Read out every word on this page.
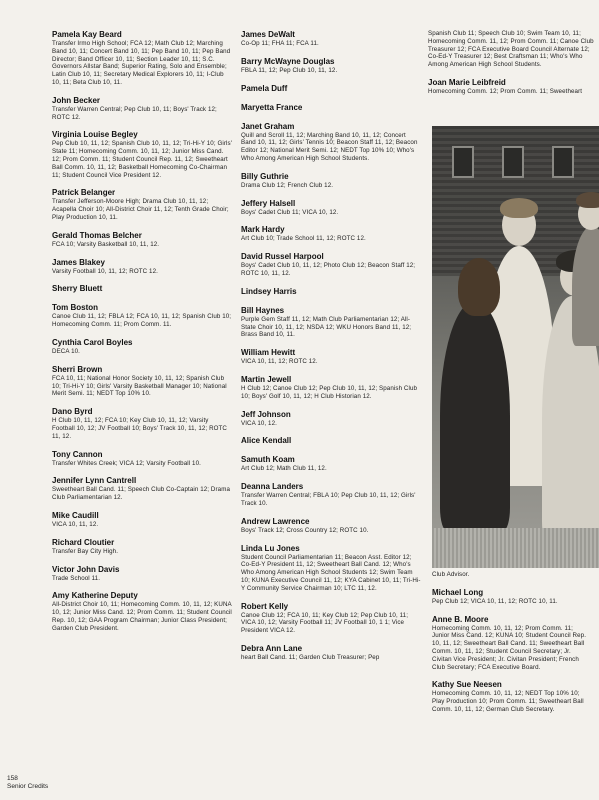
Pamela Kay Beard
Transfer Irmo High School; FCA 12; Math Club 12; Marching Band 10, 11; Concert Band 10, 11; Pep Band 10, 11; Pep Band Director; Band Officer 10, 11; Section Leader 10, 11; S.C. Governors Allstar Band; Superior Rating, Solo and Ensemble; Latin Club 10, 11; Secretary Medical Explorers 10, 11; I-Club 10, 11; Beta Club 10, 11.
John Becker
Transfer Warren Central; Pep Club 10, 11; Boys' Track 12; ROTC 12.
Virginia Louise Begley
Pep Club 10, 11, 12; Spanish Club 10, 11, 12; Tri-Hi-Y 10; Girls' State 11; Homecoming Comm. 10, 11, 12; Junior Miss Cand. 12; Prom Comm. 11; Student Council Rep. 11, 12; Sweetheart Ball Comm. 10, 11, 12; Basketball Homecoming Co-Chairman 11; Student Council Vice President 12.
Patrick Belanger
Transfer Jefferson-Moore High; Drama Club 10, 11, 12; Acapella Choir 10; All-District Choir 11, 12; Tenth Grade Choir; Play Production 10, 11.
Gerald Thomas Belcher
FCA 10; Varsity Basketball 10, 11, 12.
James Blakey
Varsity Football 10, 11, 12; ROTC 12.
Sherry Bluett
Tom Boston
Canoe Club 11, 12; FBLA 12; FCA 10, 11, 12; Spanish Club 10; Homecoming Comm. 11; Prom Comm. 11.
Cynthia Carol Boyles
DECA 10.
Sherri Brown
FCA 10, 11; National Honor Society 10, 11, 12; Spanish Club 10; Tri-Hi-Y 10; Girls' Varsity Basketball Manager 10; National Merit Semi. 11; NEDT Top 10% 10.
Dano Byrd
H Club 10, 11, 12; FCA 10; Key Club 10, 11, 12; Varsity Football 10, 12; JV Football 10; Boys' Track 10, 11, 12; ROTC 11, 12.
Tony Cannon
Transfer Whites Creek; VICA 12; Varsity Football 10.
Jennifer Lynn Cantrell
Sweetheart Ball Cand. 11; Speech Club Co-Captain 12; Drama Club Parliamentarian 12.
Mike Caudill
VICA 10, 11, 12.
Richard Cloutier
Transfer Bay City High.
Victor John Davis
Trade School 11.
Amy Katherine Deputy
All-District Choir 10, 11; Homecoming Comm. 10, 11, 12; KUNA 10, 12; Junior Miss Cand. 12; Prom Comm. 11; Student Council Rep. 10, 12; GAA Program Chairman; Junior Class President; Garden Club President.
James DeWalt
Co-Op 11; FHA 11; FCA 11.
Barry McWayne Douglas
FBLA 11, 12; Pep Club 10, 11, 12.
Pamela Duff
Maryetta France
Janet Graham
Quill and Scroll 11, 12; Marching Band 10, 11, 12; Concert Band 10, 11, 12; Girls' Tennis 10; Beacon Staff 11, 12; Beacon Editor 12; National Merit Semi. 12; NEDT Top 10% 10; Who's Who Among American High School Students.
Billy Guthrie
Drama Club 12; French Club 12.
Jeffery Halsell
Boys' Cadet Club 11; VICA 10, 12.
Mark Hardy
Art Club 10; Trade School 11, 12; ROTC 12.
David Russel Harpool
Boys' Cadet Club 10, 11, 12; Photo Club 12; Beacon Staff 12; ROTC 10, 11, 12.
Lindsey Harris
Bill Haynes
Purple Gem Staff 11, 12; Math Club Parliamentarian 12; All-State Choir 10, 11, 12; NSDA 12; WKU Honors Band 11, 12; Brass Band 10, 11.
William Hewitt
VICA 10, 11, 12; ROTC 12.
Martin Jewell
H Club 12; Canoe Club 12; Pep Club 10, 11, 12; Spanish Club 10; Boys' Golf 10, 11, 12; H Club Historian 12.
Jeff Johnson
VICA 10, 12.
Alice Kendall
Samuth Koam
Art Club 12; Math Club 11, 12.
Deanna Landers
Transfer Warren Central; FBLA 10; Pep Club 10, 11, 12; Girls' Track 10.
Andrew Lawrence
Boys' Track 12; Cross Country 12; ROTC 10.
Linda Lu Jones
Student Council Parliamentarian 11; Beacon Asst. Editor 12; Co-Ed-Y President 11, 12; Sweetheart Ball Cand. 12; Who's Who Among American High School Students 12; Swim Team 10; KUNA Executive Council 11, 12; KYA Cabinet 10, 11; Tri-Hi-Y Community Service Chairman 10; LTC 11, 12.
Robert Kelly
Canoe Club 12; FCA 10, 11; Key Club 12; Pep Club 10, 11; VICA 10, 12; Varsity Football 11; JV Football 10, 1 1; Vice President VICA 12.
Debra Ann Lane
heart Ball Cand. 11; Garden Club Treasurer; Pep
Spanish Club 11; Speech Club 10; Swim Team 10, 11; Homecoming Comm. 11, 12; Prom Comm. 11; Canoe Club Treasurer 12; FCA Executive Board Council Alternate 12; Co-Ed-Y Treasurer 12; Best Craftsman 11; Who's Who Among American High School Students.
Joan Marie Leibfreid
Homecoming Comm. 12; Prom Comm. 11; Sweetheart
Club Advisor.
Michael Long
Pep Club 12; VICA 10, 11, 12; ROTC 10, 11.
Anne B. Moore
Homecoming Comm. 10, 11, 12; Prom Comm. 11; Junior Miss Cand. 12; KUNA 10; Student Council Rep. 10, 11, 12; Sweetheart Ball Cand. 11; Sweetheart Ball Comm. 10, 11, 12; Student Council Secretary; Jr. Civitan Vice President; Jr. Civitan President; French Club Secretary; FCA Executive Board.
Kathy Sue Neesen
Homecoming Comm. 10, 11, 12; NEDT Top 10% 10; Play Production 10; Prom Comm. 11; Sweetheart Ball Comm. 10, 11, 12; German Club Secretary.
158
Senior Credits
